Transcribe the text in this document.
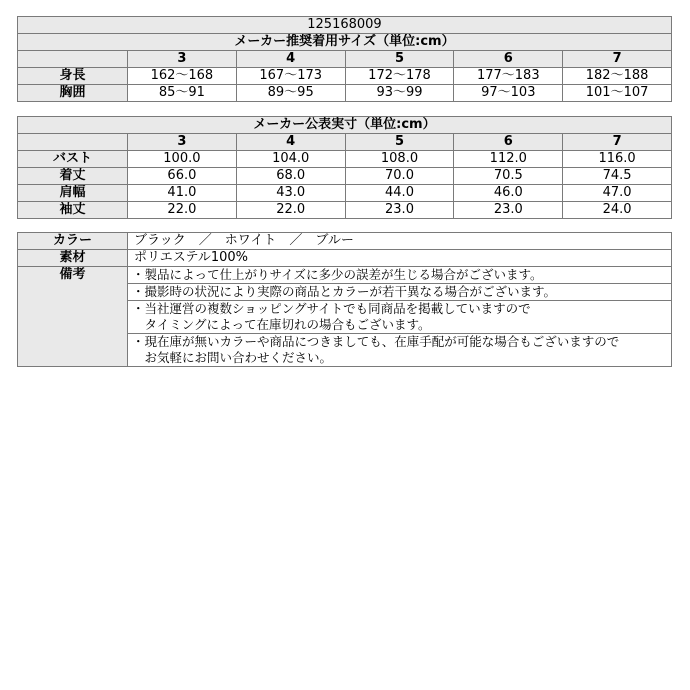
125168009					
メーカー推奨着用サイズ（単位:cm）					
	3	4	5	6	7
身長	162～168	167～173	172～178	177～183	182～188
胸囲	85～91	89～95	93～99	97～103	101～107
メーカー公表実寸（単位:cm）					
	3	4	5	6	7
バスト	100.0	104.0	108.0	112.0	116.0
着丈	66.0	68.0	70.0	70.5	74.5
肩幅	41.0	43.0	44.0	46.0	47.0
袖丈	22.0	22.0	23.0	23.0	24.0
カラー	ブラック　／　ホワイト　／　ブルー
素材	ポリエステル100%
備考	・製品によって仕上がりサイズに多少の誤差が生じる場合がございます。

	・撮影時の状況により実際の商品とカラーが若干異なる場合がございます。

	・当社運営の複数ショッピングサイトでも同商品を掲載していますので
　タイミングによって在庫切れの場合もございます。

	・現在庫が無いカラーや商品につきましても、在庫手配が可能な場合もございますので
　お気軽にお問い合わせください。
